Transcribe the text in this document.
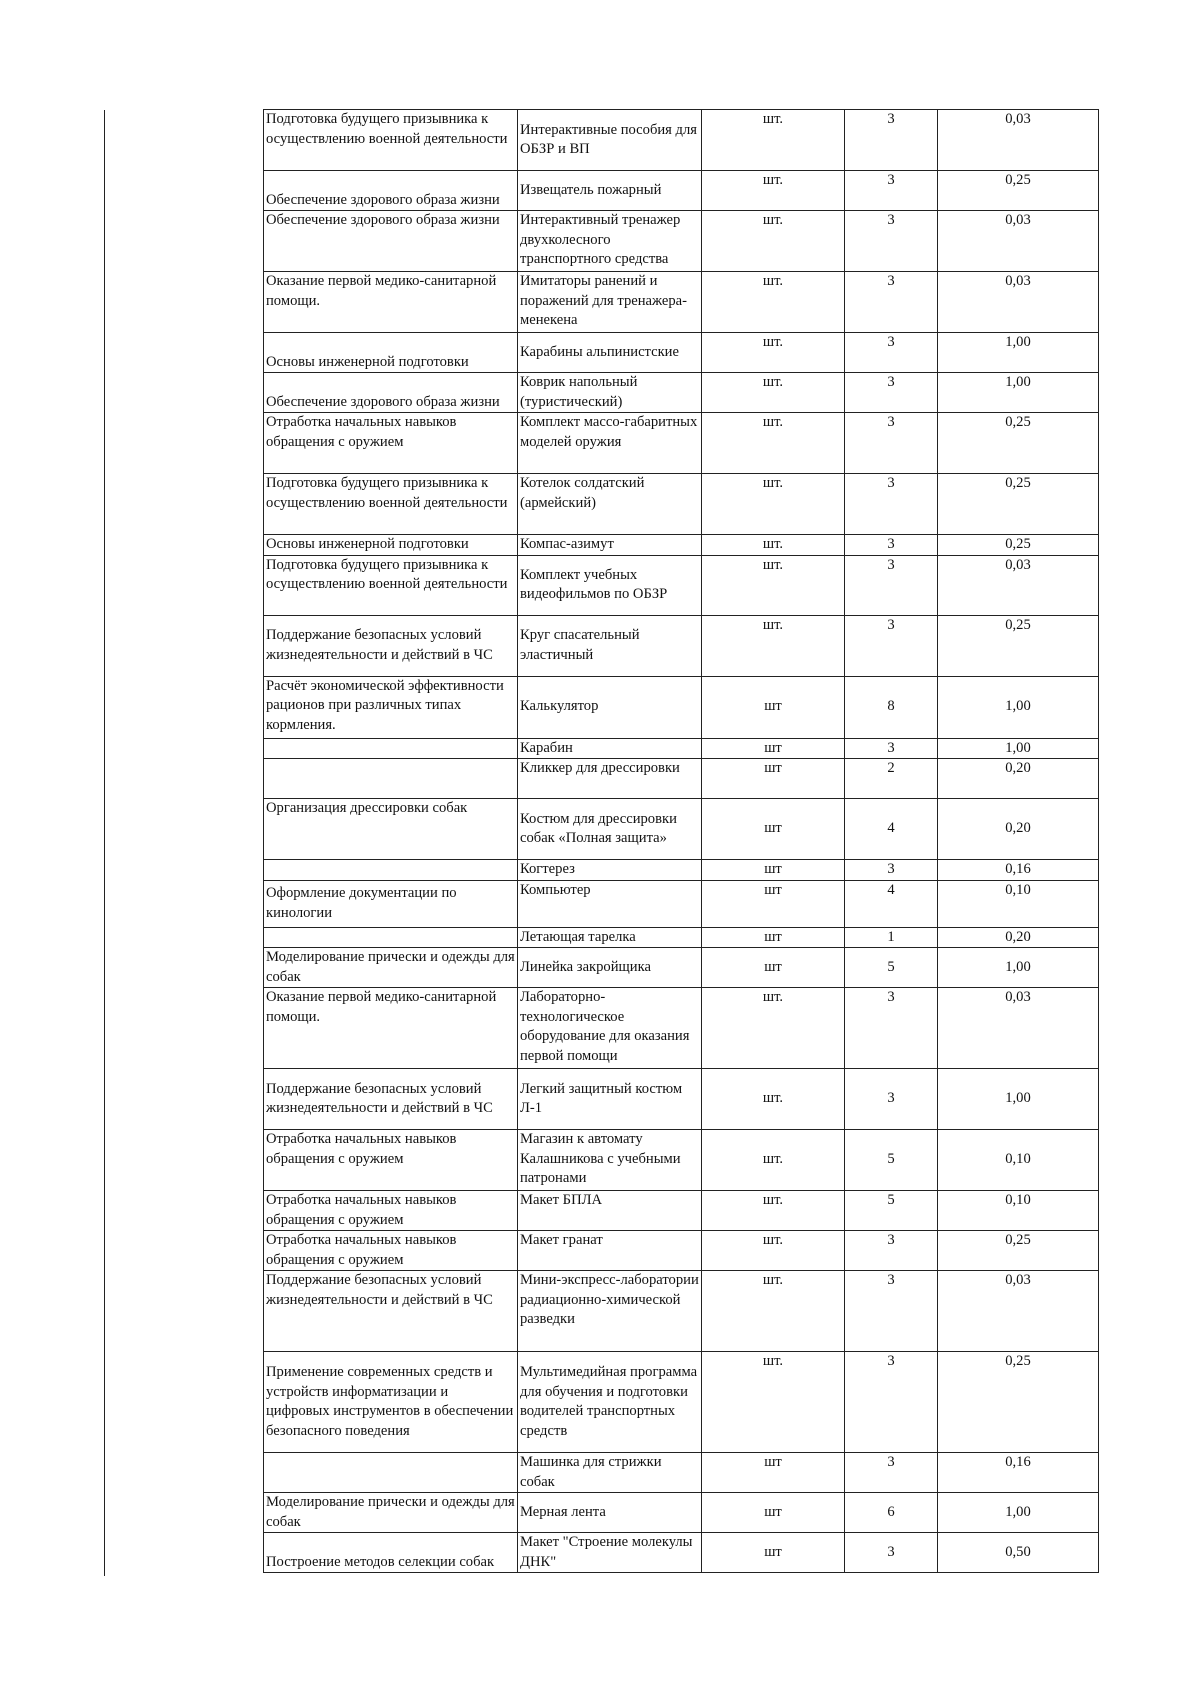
Подготовка будущего призывника к осуществлению военной деятельности	Интерактивные пособия для ОБЗР и ВП	шт.	3	0,03
Обеспечение здорового образа жизни	Извещатель пожарный	шт.	3	0,25
Обеспечение здорового образа жизни	Интерактивный тренажер двухколесного транспортного средства	шт.	3	0,03
Оказание первой медико-санитарной помощи.	Имитаторы ранений и поражений для тренажера-менекена	шт.	3	0,03
Основы инженерной подготовки	Карабины альпинистские	шт.	3	1,00
Обеспечение здорового образа жизни	Коврик напольный (туристический)	шт.	3	1,00
Отработка начальных навыков обращения с оружием	Комплект массо-габаритных моделей оружия	шт.	3	0,25
Подготовка будущего призывника к осуществлению военной деятельности	Котелок солдатский (армейский)	шт.	3	0,25
Основы инженерной подготовки	Компас-азимут	шт.	3	0,25
Подготовка будущего призывника к осуществлению военной деятельности	Комплект учебных видеофильмов по ОБЗР	шт.	3	0,03
Поддержание безопасных условий жизнедеятельности и действий в ЧС	Круг спасательный эластичный	шт.	3	0,25
Расчёт экономической эффективности рационов при различных типах кормления.	Калькулятор	шт	8	1,00
	Карабин	шт	3	1,00
	Кликкер для дрессировки	шт	2	0,20
Организация дрессировки собак	Костюм для дрессировки собак «Полная защита»	шт	4	0,20
	Когтерез	шт	3	0,16
Оформление документации по кинологии	Компьютер	шт	4	0,10
	Летающая тарелка	шт	1	0,20
Моделирование прически и одежды для собак	Линейка закройщика	шт	5	1,00
Оказание первой медико-санитарной помощи.	Лабораторно-технологическое оборудование для оказания первой помощи	шт.	3	0,03
Поддержание безопасных условий жизнедеятельности и действий в ЧС	Легкий защитный костюм Л-1	шт.	3	1,00
Отработка начальных навыков обращения с оружием	Магазин к автомату Калашникова с учебными патронами	шт.	5	0,10
Отработка начальных навыков обращения с оружием	Макет БПЛА	шт.	5	0,10
Отработка начальных навыков обращения с оружием	Макет гранат	шт.	3	0,25
Поддержание безопасных условий жизнедеятельности и действий в ЧС	Мини-экспресс-лаборатории радиационно-химической разведки	шт.	3	0,03
Применение современных средств и устройств информатизации и цифровых инструментов в обеспечении безопасного поведения	Мультимедийная программа для обучения и подготовки водителей транспортных средств	шт.	3	0,25
	Машинка для стрижки собак	шт	3	0,16
Моделирование прически и одежды для собак	Мерная лента	шт	6	1,00
Построение методов селекции собак	Макет "Строение молекулы ДНК"	шт	3	0,50
